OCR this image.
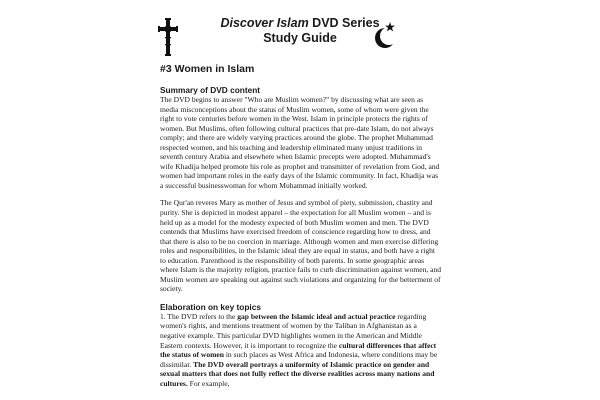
Discover Islam DVD Series
Study Guide
#3 Women in Islam
Summary of DVD content

The DVD begins to answer "Who are Muslim women?" by discussing what are seen as media misconceptions about the status of Muslim women, some of whom were given the right to vote centuries before women in the West. Islam in principle protects the rights of women. But Muslims, often following cultural practices that pre-date Islam, do not always comply; and there are widely varying practices around the globe. The prophet Muhammad respected women, and his teaching and leadership eliminated many unjust traditions in seventh century Arabia and elsewhere when Islamic precepts were adopted. Muhammad's wife Khadija helped promote his role as prophet and transmitter of revelation from God, and women had important roles in the early days of the Islamic community. In fact, Khadija was a successful businesswoman for whom Muhammad initially worked.

The Qur'an reveres Mary as mother of Jesus and symbol of piety, submission, chastity and purity. She is depicted in modest apparel – the expectation for all Muslim women – and is held up as a model for the modesty expected of both Muslim women and men. The DVD contends that Muslims have exercised freedom of conscience regarding how to dress, and that there is also to be no coercion in marriage. Although women and men exercise differing roles and responsibilities, in the Islamic ideal they are equal in status, and both have a right to education. Parenthood is the responsibility of both parents. In some geographic areas where Islam is the majority religion, practice fails to curb discrimination against women, and Muslim women are speaking out against such violations and organizing for the betterment of society.

Elaboration on key topics

1. The DVD refers to the gap between the Islamic ideal and actual practice regarding women's rights, and mentions treatment of women by the Taliban in Afghanistan as a negative example. This particular DVD highlights women in the American and Middle Eastern contexts. However, it is important to recognize the cultural differences that affect the status of women in such places as West Africa and Indonesia, where conditions may be dissimilar. The DVD overall portrays a uniformity of Islamic practice on gender and sexual matters that does not fully reflect the diverse realities across many nations and cultures. For example,
